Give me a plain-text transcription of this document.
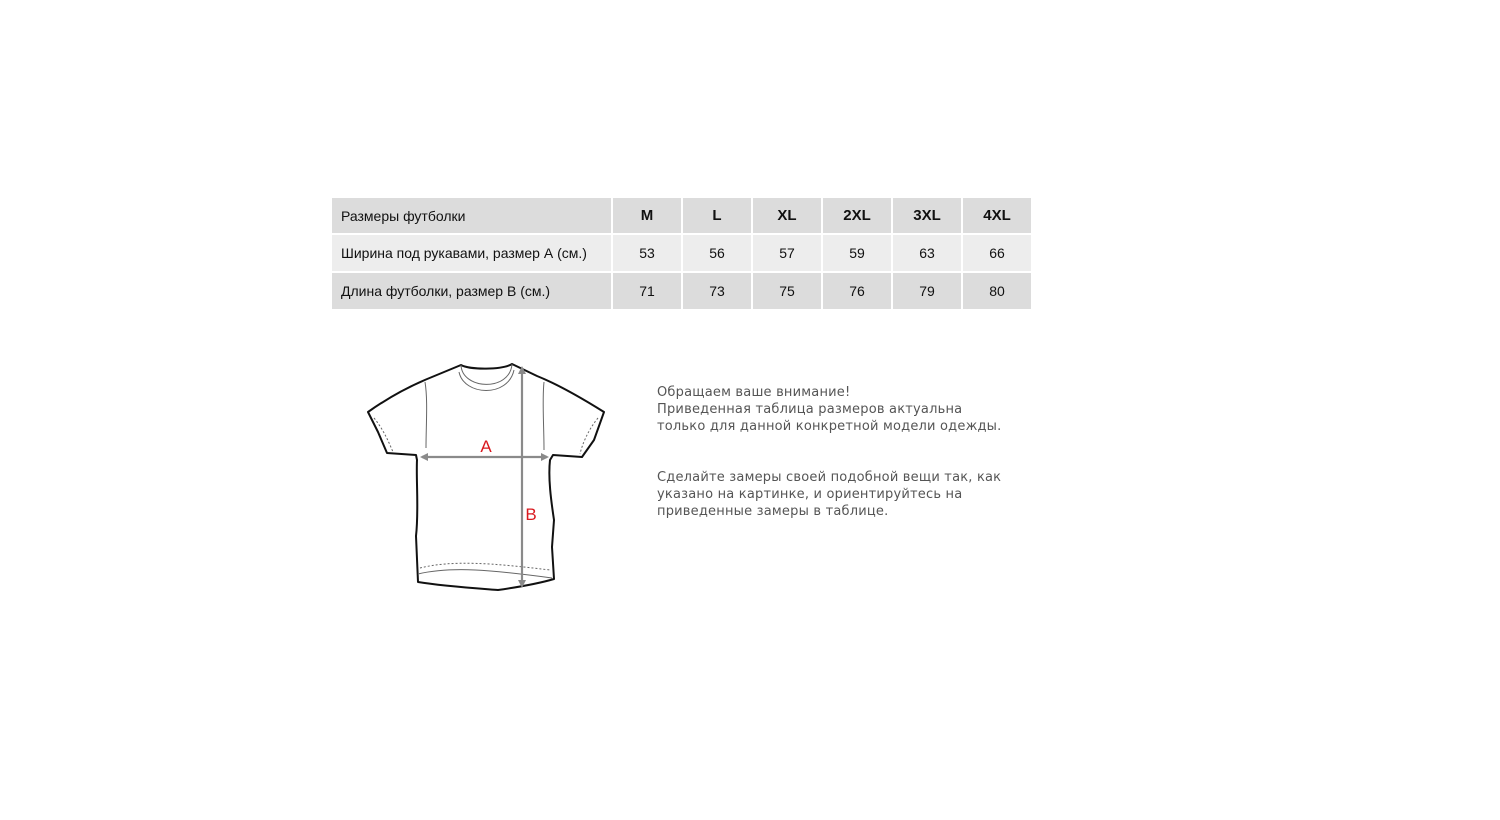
Размеры футболки	M	L	XL	2XL	3XL	4XL
Ширина под рукавами, размер А (см.)	53	56	57	59	63	66
Длина футболки, размер В (см.)	71	73	75	76	79	80
A
B

Обращаем ваше внимание!
Приведенная таблица размеров актуальна
только для данной конкретной модели одежды.

Сделайте замеры своей подобной вещи так, как
указано на картинке, и ориентируйтесь на
приведенные замеры в таблице.
